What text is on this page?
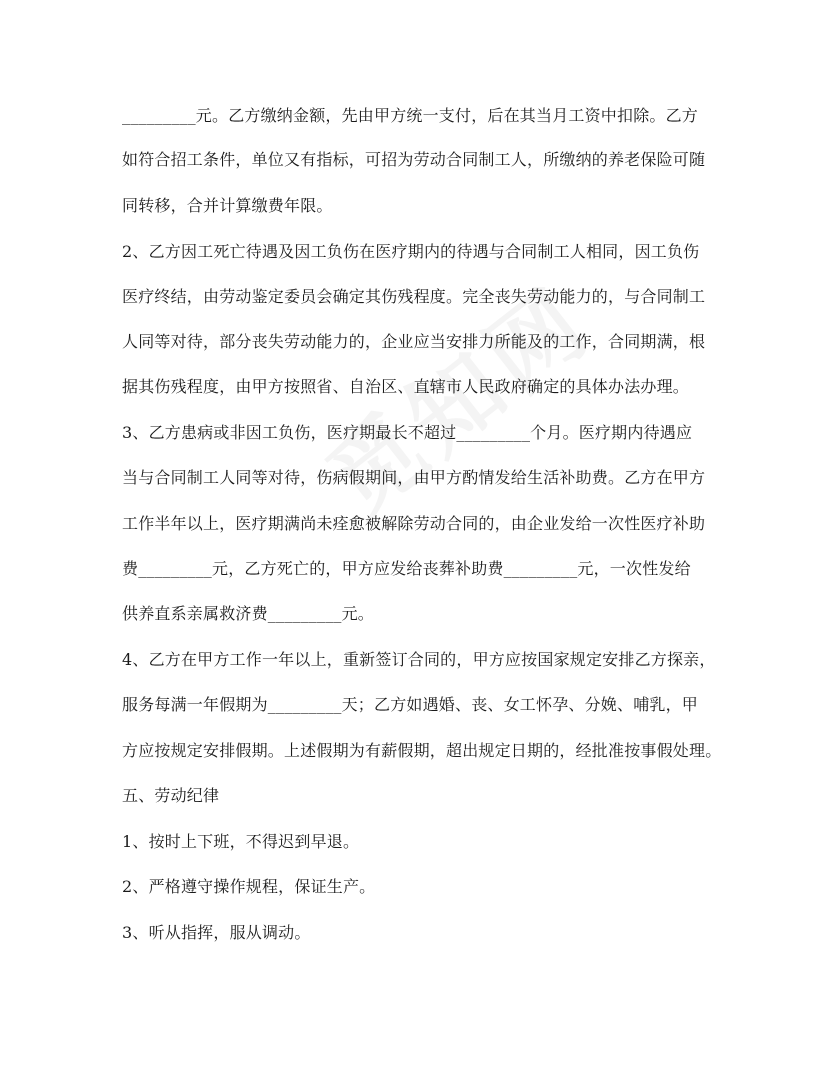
_________元。乙方缴纳金额，先由甲方统一支付，后在其当月工资中扣除。乙方
如符合招工条件，单位又有指标，可招为劳动合同制工人，所缴纳的养老保险可随
同转移，合并计算缴费年限。
2、乙方因工死亡待遇及因工负伤在医疗期内的待遇与合同制工人相同，因工负伤
医疗终结，由劳动鉴定委员会确定其伤残程度。完全丧失劳动能力的，与合同制工
人同等对待，部分丧失劳动能力的，企业应当安排力所能及的工作，合同期满，根
据其伤残程度，由甲方按照省、自治区、直辖市人民政府确定的具体办法办理。
3、乙方患病或非因工负伤，医疗期最长不超过_________个月。医疗期内待遇应
当与合同制工人同等对待，伤病假期间，由甲方酌情发给生活补助费。乙方在甲方
工作半年以上，医疗期满尚未痊愈被解除劳动合同的，由企业发给一次性医疗补助
费_________元，乙方死亡的，甲方应发给丧葬补助费_________元，一次性发给
供养直系亲属救济费_________元。
4、乙方在甲方工作一年以上，重新签订合同的，甲方应按国家规定安排乙方探亲，
服务每满一年假期为_________天；乙方如遇婚、丧、女工怀孕、分娩、哺乳，甲
方应按规定安排假期。上述假期为有薪假期，超出规定日期的，经批准按事假处理。
五、劳动纪律
1、按时上下班，不得迟到早退。
2、严格遵守操作规程，保证生产。
3、听从指挥，服从调动。
